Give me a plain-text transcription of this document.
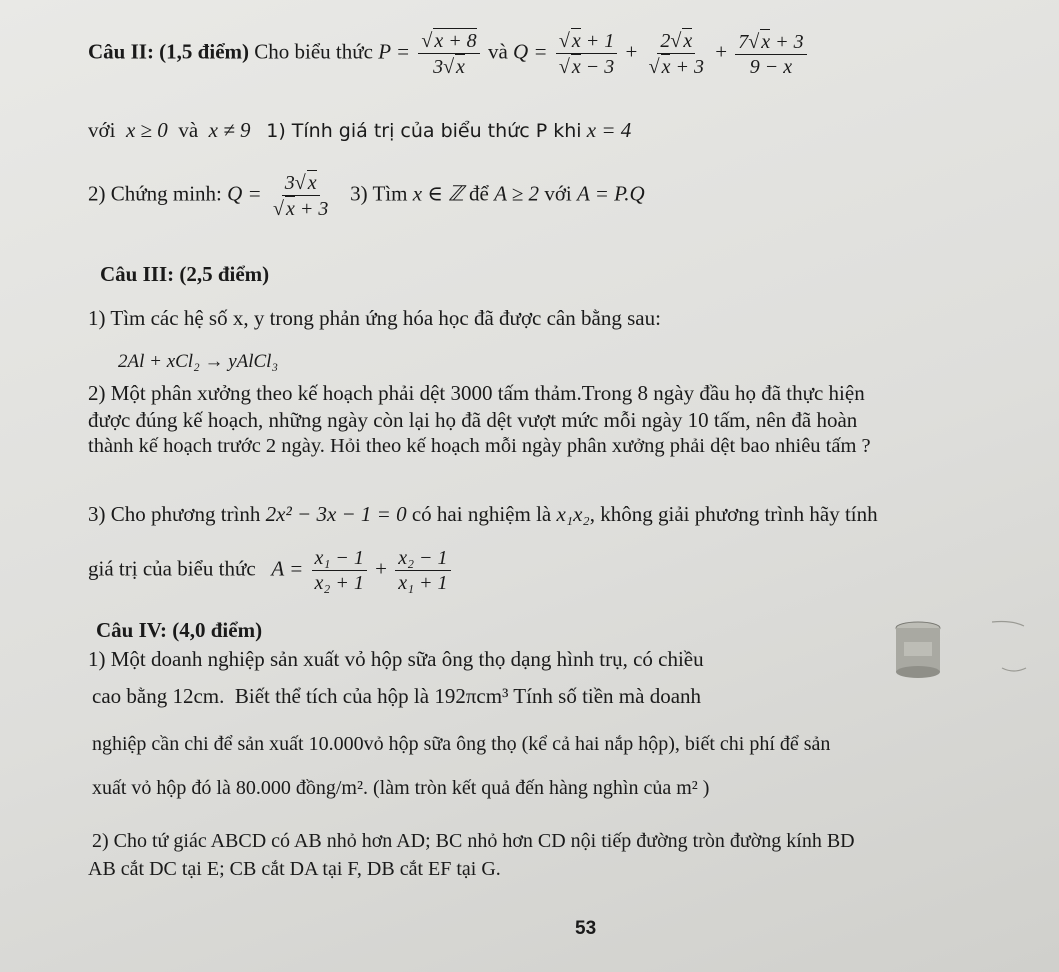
Câu II: (1,5 điểm) Cho biểu thức $P = \frac{√ x + 8}{3√ x}$ và $Q = \frac{√ x + 1}{√ x - 3} + \frac{2√ x}{√ x + 3} + \frac{7√ x + 3}{9 - x}$
với x ≥ 0 và x ≠ 9 1) Tính giá trị của biểu thức P khi x = 4
2) Chứng minh: $Q = \frac{3√ x}{√ x + 3} 3$) Tìm x ∈ ℤ để A ≥ 2 với A = P.Q
Câu III: (2,5 điểm)
1) Tìm các hệ số x, y trong phản ứng hóa học đã được cân bằng sau:
2Al + xCl₂ → yAlCl₃
2) Một phân xưởng theo kế hoạch phải dệt 3000 tấm thảm.Trong 8 ngày đầu họ đã thực hiện
được đúng kế hoạch, những ngày còn lại họ đã dệt vượt mức mỗi ngày 10 tấm, nên đã hoàn
thành kế hoạch trước 2 ngày. Hỏi theo kế hoạch mỗi ngày phân xưởng phải dệt bao nhiêu tấm ?
3) Cho phương trình 2x² − 3x − 1 = 0 có hai nghiệm là x₁x₂, không giải phương trình hãy tính
giá trị của biểu thức $A = \frac{\text{x₁ − 1}}{\text{x₂ + 1}} + \frac{\text{x₂ − 1}}{\text{x₁ + 1}}$
Câu IV: (4,0 điểm)
1) Một doanh nghiệp sản xuất vỏ hộp sữa ông thọ dạng hình trụ, có chiều
cao bằng 12cm. Biết thể tích của hộp là 192πcm³ Tính số tiền mà doanh
nghiệp cần chi để sản xuất 10.000vỏ hộp sữa ông thọ (kể cả hai nắp hộp), biết chi phí để sản
xuất vỏ hộp đó là 80.000 đồng/m². (làm tròn kết quả đến hàng nghìn của m² )
2) Cho tứ giác ABCD có AB nhỏ hơn AD; BC nhỏ hơn CD nội tiếp đường tròn đường kính BD
AB cắt DC tại E; CB cắt DA tại F, DB cắt EF tại G.
53
